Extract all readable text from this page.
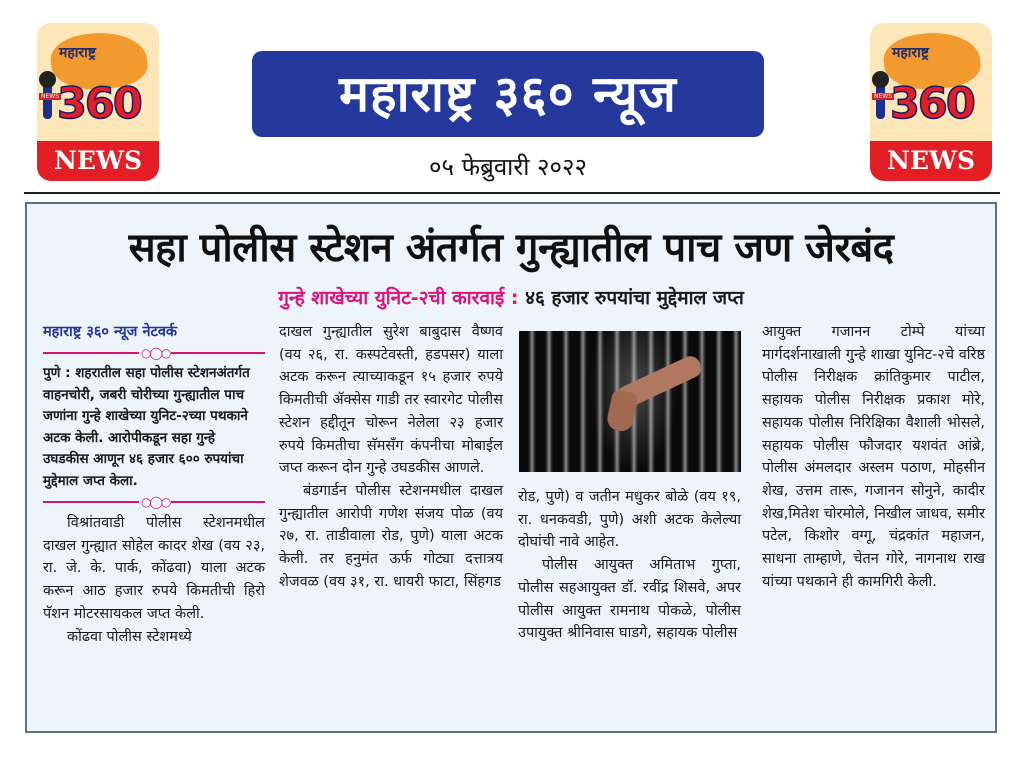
महाराष्ट्र
NEWS
360
NEWS
महाराष्ट्र ३६० न्यूज
०५ फेब्रुवारी २०२२
महाराष्ट्र
NEWS
360
NEWS
सहा पोलीस स्टेशन अंतर्गत गुन्ह्यातील पाच जण जेरबंद
गुन्हे शाखेच्या युनिट-२ची कारवाई : ४६ हजार रुपयांचा मुद्देमाल जप्त
महाराष्ट्र ३६० न्यूज नेटवर्क
○◯○

पुणे : शहरातील सहा पोलीस स्टेशनअंतर्गत वाहनचोरी, जबरी चोरीच्या गुन्ह्यातील पाच जणांना गुन्हे शाखेच्या युनिट-२च्या पथकाने अटक केली. आरोपीकडून सहा गुन्हे उघडकीस आणून ४६ हजार ६०० रुपयांचा मुद्देमाल जप्त केला.

○◯○

विश्रांतवाडी पोलीस स्टेशनमधील दाखल गुन्ह्यात सोहेल कादर शेख (वय २३, रा. जे. के. पार्क, कोंढवा) याला अटक करून आठ हजार रुपये किमतीची हिरो पॅशन मोटरसायकल जप्त केली.

कोंढवा पोलीस स्टेशमध्ये

दाखल गुन्ह्यातील सुरेश बाबुदास वैष्णव (वय २६, रा. कस्पटेवस्ती, हडपसर) याला अटक करून त्याच्याकडून १५ हजार रुपये किमतीची ॲक्सेस गाडी तर स्वारगेट पोलीस स्टेशन हद्दीतून चोरून नेलेला २३ हजार रुपये किमतीचा सॅमसँग कंपनीचा मोबाईल जप्त करून दोन गुन्हे उघडकीस आणले.

बंडगार्डन पोलीस स्टेशनमधील दाखल गुन्ह्यातील आरोपी गणेश संजय पोळ (वय २७, रा. ताडीवाला रोड, पुणे) याला अटक केली. तर हनुमंत ऊर्फ गोट्या दत्तात्रय शेजवळ (वय ३१, रा. धायरी फाटा, सिंहगड

रोड, पुणे) व जतीन मधुकर बोळे (वय १९, रा. धनकवडी, पुणे) अशी अटक केलेल्या दोघांची नावे आहेत.

पोलीस आयुक्त अमिताभ गुप्ता, पोलीस सहआयुक्त डॉ. रवींद्र शिसवे, अपर पोलीस आयुक्त रामनाथ पोकळे, पोलीस उपायुक्त श्रीनिवास घाडगे, सहायक पोलीस

आयुक्त गजानन टोम्पे यांच्या मार्गदर्शनाखाली गुन्हे शाखा युनिट-२चे वरिष्ठ पोलीस निरीक्षक क्रांतिकुमार पाटील, सहायक पोलीस निरीक्षक प्रकाश मोरे, सहायक पोलीस निरिक्षिका वैशाली भोसले, सहायक पोलीस फौजदार यशवंत आंब्रे, पोलीस अंमलदार अस्लम पठाण, मोहसीन शेख, उत्तम तारू, गजानन सोनुने, कादीर शेख,मितेश चोरमोले, निखील जाधव, समीर पटेल, किशोर वग्गू, चंद्रकांत महाजन, साधना ताम्हाणे, चेतन गोरे, नागनाथ राख यांच्या पथकाने ही कामगिरी केली.
